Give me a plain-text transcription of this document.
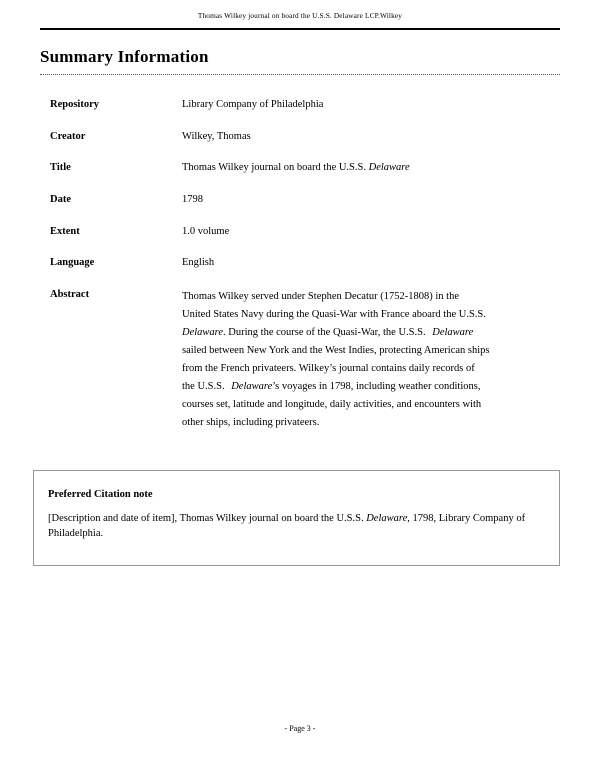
Thomas Wilkey journal on board the U.S.S. Delaware LCP.Wilkey
Summary Information
Repository	Library Company of Philadelphia
Creator	Wilkey, Thomas
Title	Thomas Wilkey journal on board the U.S.S. Delaware
Date	1798
Extent	1.0 volume
Language	English
Abstract	Thomas Wilkey served under Stephen Decatur (1752-1808) in the
United States Navy during the Quasi-War with France aboard the U.S.S.
Delaware. During the course of the Quasi-War, the U.S.S. Delaware
sailed between New York and the West Indies, protecting American ships
from the French privateers. Wilkey’s journal contains daily records of
the U.S.S. Delaware’s voyages in 1798, including weather conditions,
courses set, latitude and longitude, daily activities, and encounters with
other ships, including privateers.
Preferred Citation note
[Description and date of item], Thomas Wilkey journal on board the U.S.S. Delaware, 1798, Library Company of Philadelphia.
- Page 3 -
